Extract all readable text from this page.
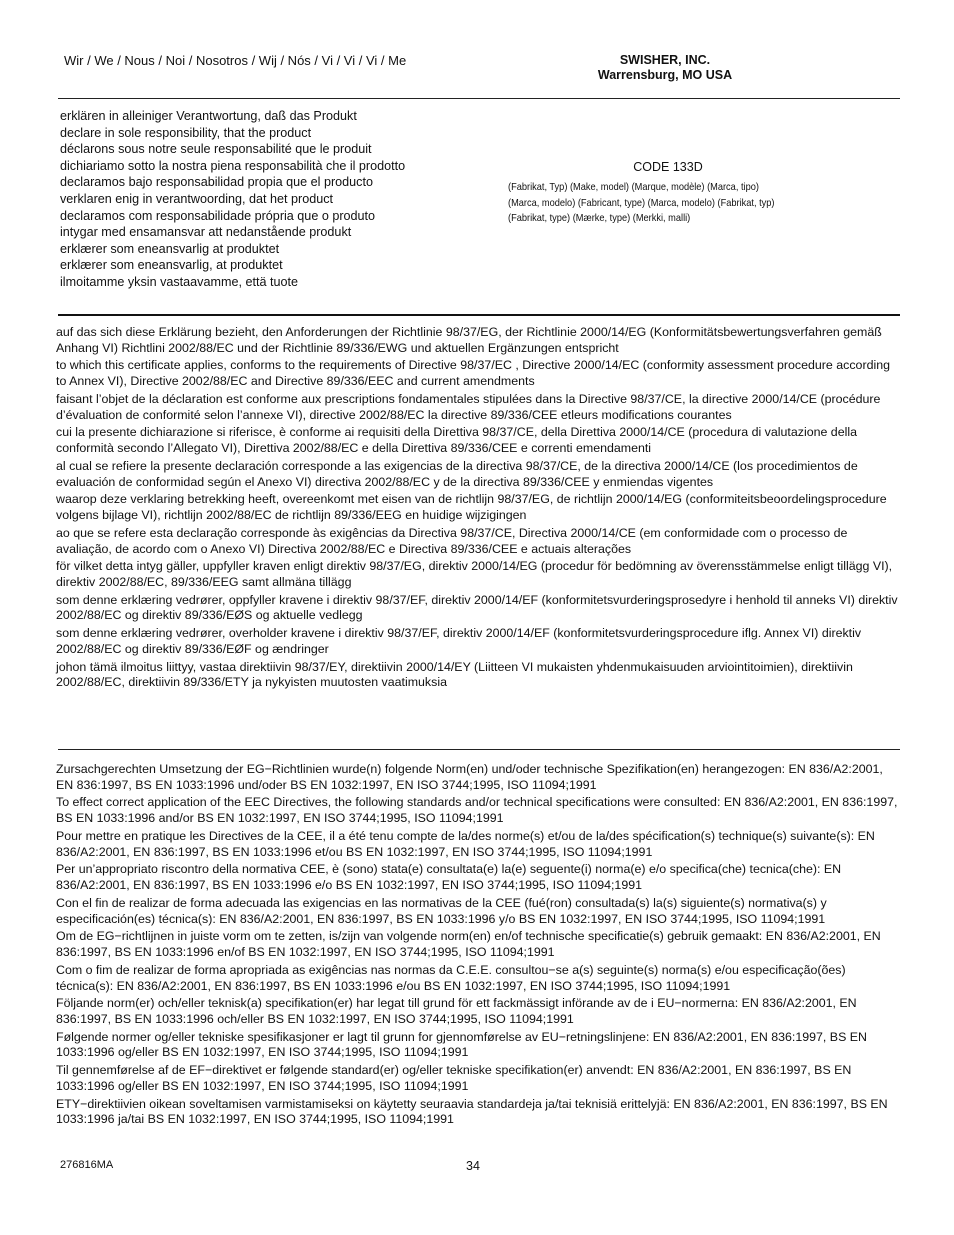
Wir / We / Nous / Noi / Nosotros / Wij / Nós / Vi / Vi / Vi / Me	SWISHER, INC.
Warrensburg, MO USA
erklären in alleiniger Verantwortung, daß das Produkt
declare in sole responsibility, that the product
déclarons sous notre seule responsabilité que le produit
dichiariamo sotto la nostra piena responsabilità che il prodotto
declaramos bajo responsabilidad propia que el producto
verklaren enig in verantwoording, dat het product
declaramos com responsabilidade própria que o produto
intygar med ensamansvar att nedanstående produkt
erklærer som eneansvarlig at produktet
erklærer som eneansvarlig, at produktet
ilmoitamme yksin vastaavamme, että tuote
CODE 133D
(Fabrikat, Typ) (Make, model) (Marque, modèle) (Marca, tipo)
(Marca, modelo) (Fabricant, type) (Marca, modelo) (Fabrikat, typ)
(Fabrikat, type) (Mærke, type) (Merkki, malli)

auf das sich diese Erklärung bezieht, den Anforderungen der Richtlinie 98/37/EG, der Richtlinie 2000/14/EG (Konformitätsbewertungsverfahren gemäß Anhang VI) Richtlini 2002/88/EC und der Richtlinie 89/336/EWG und aktuellen Ergänzungen entspricht

to which this certificate applies, conforms to the requirements of Directive 98/37/EC , Directive 2000/14/EC (conformity assessment procedure according to Annex VI), Directive 2002/88/EC and Directive 89/336/EEC and current amendments

faisant l’objet de la déclaration est conforme aux prescriptions fondamentales stipulées dans la Directive 98/37/CE, la directive 2000/14/CE (procédure d’évaluation de conformité selon l’annexe VI), directive 2002/88/EC la directive 89/336/CEE etleurs modifications courantes

cui la presente dichiarazione si riferisce, è conforme ai requisiti della Direttiva 98/37/CE, della Direttiva 2000/14/CE (procedura di valutazione della conformità secondo l’Allegato VI), Direttiva 2002/88/EC e della Direttiva 89/336/CEE e correnti emendamenti

al cual se refiere la presente declaración corresponde a las exigencias de la directiva 98/37/CE, de la directiva 2000/14/CE (los procedimientos de evaluación de conformidad según el Anexo VI) directiva 2002/88/EC y de la directiva 89/336/CEE y enmiendas vigentes

waarop deze verklaring betrekking heeft, overeenkomt met eisen van de richtlijn 98/37/EG, de richtlijn 2000/14/EG (conformiteitsbeoordelingsprocedure volgens bijlage VI), richtlijn 2002/88/EC de richtlijn 89/336/EEG en huidige wijzigingen

ao que se refere esta declaração corresponde às exigências da Directiva 98/37/CE, Directiva 2000/14/CE (em conformidade com o processo de avaliação, de acordo com o Anexo VI) Directiva 2002/88/EC e Directiva 89/336/CEE e actuais alterações

för vilket detta intyg gäller, uppfyller kraven enligt direktiv 98/37/EG, direktiv 2000/14/EG (procedur för bedömning av överensstämmelse enligt tillägg VI), direktiv 2002/88/EC, 89/336/EEG samt allmäna tillägg

som denne erklæring vedrører, oppfyller kravene i direktiv 98/37/EF, direktiv 2000/14/EF (konformitetsvurderingsprosedyre i henhold til anneks VI) direktiv 2002/88/EC og direktiv 89/336/EØS og aktuelle vedlegg

som denne erklæring vedrører, overholder kravene i direktiv 98/37/EF, direktiv 2000/14/EF (konformitetsvurderingsprocedure iflg. Annex VI) direktiv 2002/88/EC og direktiv 89/336/EØF og ændringer

johon tämä ilmoitus liittyy, vastaa direktiivin 98/37/EY, direktiivin 2000/14/EY (Liitteen VI mukaisten yhdenmukaisuuden arviointitoimien), direktiivin 2002/88/EC, direktiivin 89/336/ETY ja nykyisten muutosten vaatimuksia

Zursachgerechten Umsetzung der EG−Richtlinien wurde(n) folgende Norm(en) und/oder technische Spezifikation(en) herangezogen: EN 836/A2:2001, EN 836:1997, BS EN 1033:1996 und/oder BS EN 1032:1997, EN ISO 3744;1995, ISO 11094;1991

To effect correct application of the EEC Directives, the following standards and/or technical specifications were consulted: EN 836/A2:2001, EN 836:1997, BS EN 1033:1996 and/or BS EN 1032:1997, EN ISO 3744;1995, ISO 11094;1991

Pour mettre en pratique les Directives de la CEE, il a été tenu compte de la/des norme(s) et/ou de la/des spécification(s) technique(s) suivante(s): EN 836/A2:2001, EN 836:1997, BS EN 1033:1996 et/ou BS EN 1032:1997, EN ISO 3744;1995, ISO 11094;1991

Per un’appropriato riscontro della normativa CEE, è (sono) stata(e) consultata(e) la(e) seguente(i) norma(e) e/o specifica(che) tecnica(che): EN 836/A2:2001, EN 836:1997, BS EN 1033:1996 e/o BS EN 1032:1997, EN ISO 3744;1995, ISO 11094;1991

Con el fin de realizar de forma adecuada las exigencias en las normativas de la CEE (fué(ron) consultada(s) la(s) siguiente(s) normativa(s) y especificación(es) técnica(s): EN 836/A2:2001, EN 836:1997, BS EN 1033:1996 y/o BS EN 1032:1997, EN ISO 3744;1995, ISO 11094;1991

Om de EG−richtlijnen in juiste vorm om te zetten, is/zijn van volgende norm(en) en/of technische specificatie(s) gebruik gemaakt: EN 836/A2:2001, EN 836:1997, BS EN 1033:1996 en/of BS EN 1032:1997, EN ISO 3744;1995, ISO 11094;1991

Com o fim de realizar de forma apropriada as exigências nas normas da C.E.E. consultou−se a(s) seguinte(s) norma(s) e/ou especificação(ões) técnica(s): EN 836/A2:2001, EN 836:1997, BS EN 1033:1996 e/ou BS EN 1032:1997, EN ISO 3744;1995, ISO 11094;1991

Följande norm(er) och/eller teknisk(a) specifikation(er) har legat till grund för ett fackmässigt införande av de i EU−normerna: EN 836/A2:2001, EN 836:1997, BS EN 1033:1996 och/eller BS EN 1032:1997, EN ISO 3744;1995, ISO 11094;1991

Følgende normer og/eller tekniske spesifikasjoner er lagt til grunn for gjennomførelse av EU−retningslinjene: EN 836/A2:2001, EN 836:1997, BS EN 1033:1996 og/eller BS EN 1032:1997, EN ISO 3744;1995, ISO 11094;1991

Til gennemførelse af de EF−direktivet er følgende standard(er) og/eller tekniske specifikation(er) anvendt: EN 836/A2:2001, EN 836:1997, BS EN 1033:1996 og/eller BS EN 1032:1997, EN ISO 3744;1995, ISO 11094;1991

ETY−direktiivien oikean soveltamisen varmistamiseksi on käytetty seuraavia standardeja ja/tai teknisiä erittelyjä: EN 836/A2:2001, EN 836:1997, BS EN 1033:1996 ja/tai BS EN 1032:1997, EN ISO 3744;1995, ISO 11094;1991

276816MA	34
